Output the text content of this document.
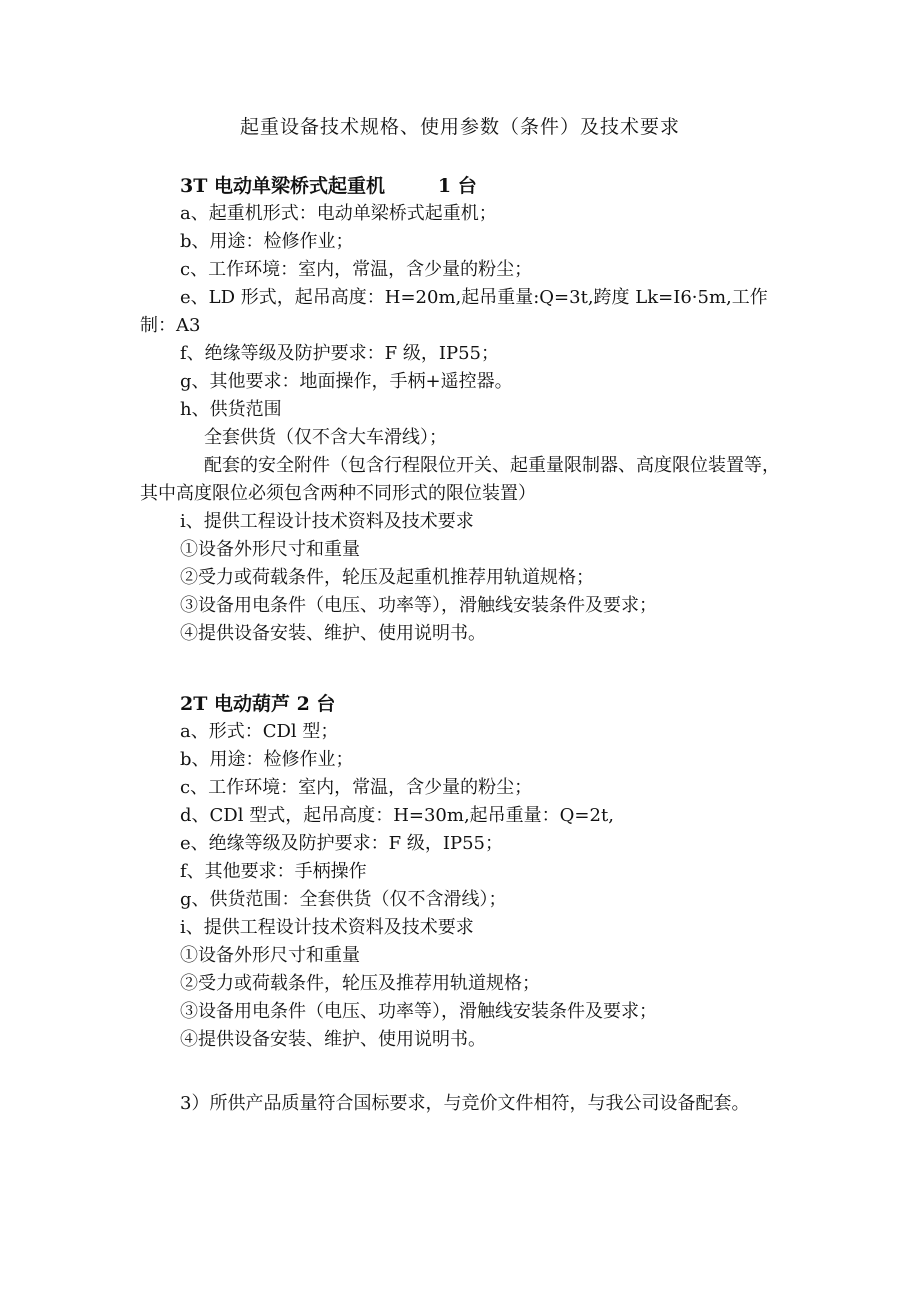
起重设备技术规格、使用参数（条件）及技术要求
3T 电动单梁桥式起重机        1 台
a、起重机形式：电动单梁桥式起重机；
b、用途：检修作业；
c、工作环境：室内，常温，含少量的粉尘；
e、LD 形式，起吊高度：H=20m,起吊重量:Q=3t,跨度 Lk=I6·5m,工作制：A3
f、绝缘等级及防护要求：F 级，IP55；
g、其他要求：地面操作，手柄+遥控器。
h、供货范围
全套供货（仅不含大车滑线）；
配套的安全附件（包含行程限位开关、起重量限制器、高度限位装置等，其中高度限位必须包含两种不同形式的限位装置）
i、提供工程设计技术资料及技术要求
①设备外形尺寸和重量
②受力或荷载条件，轮压及起重机推荐用轨道规格；
③设备用电条件（电压、功率等），滑触线安装条件及要求；
④提供设备安装、维护、使用说明书。
2T 电动葫芦 2 台
a、形式：CDl 型；
b、用途：检修作业；
c、工作环境：室内，常温，含少量的粉尘；
d、CDl 型式，起吊高度：H=30m,起吊重量：Q=2t,
e、绝缘等级及防护要求：F 级，IP55；
f、其他要求：手柄操作
g、供货范围：全套供货（仅不含滑线）；
i、提供工程设计技术资料及技术要求
①设备外形尺寸和重量
②受力或荷载条件，轮压及推荐用轨道规格；
③设备用电条件（电压、功率等），滑触线安装条件及要求；
④提供设备安装、维护、使用说明书。
3）所供产品质量符合国标要求，与竞价文件相符，与我公司设备配套。
